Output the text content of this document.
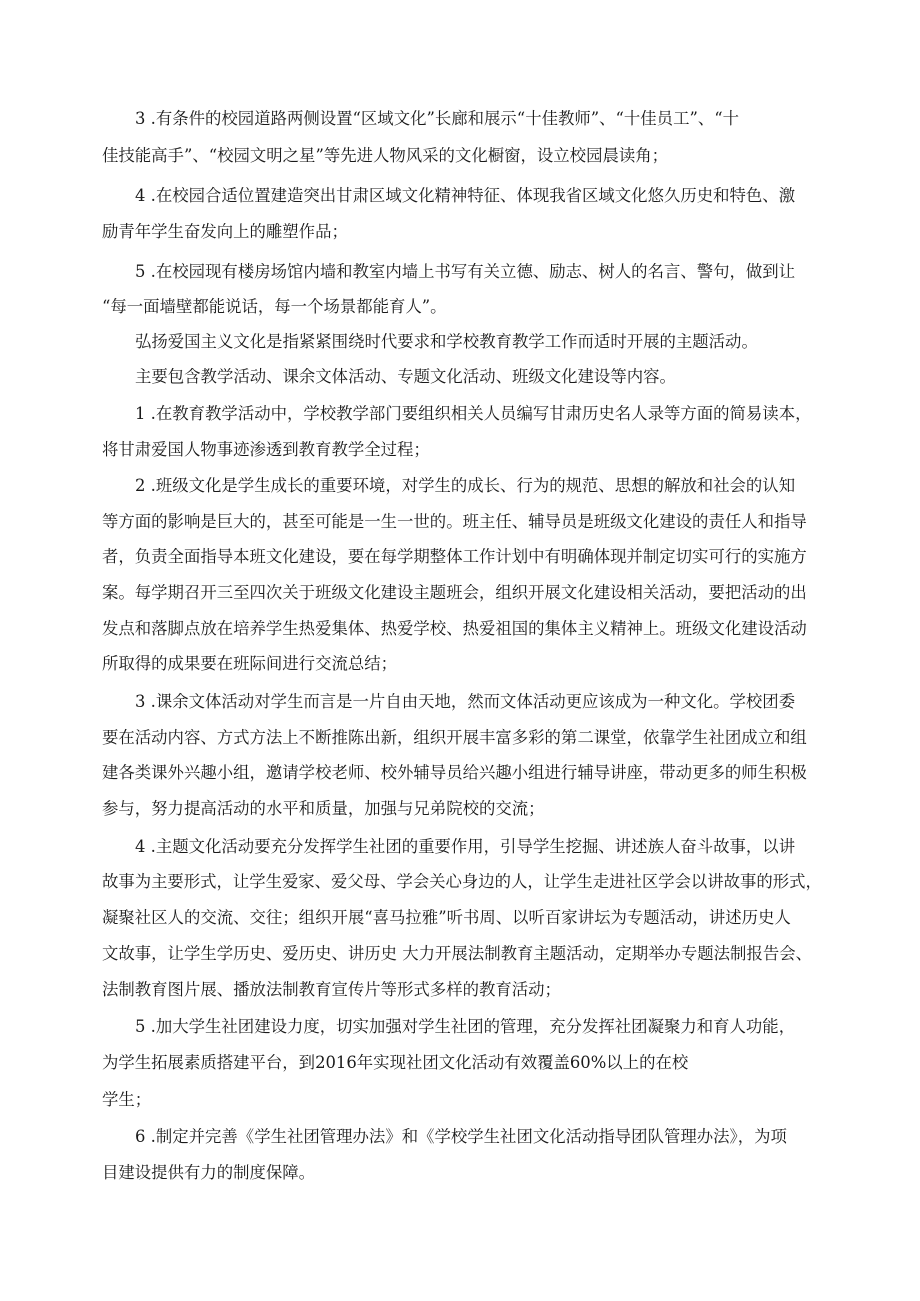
3 .有条件的校园道路两侧设置“区域文化”长廊和展示“十佳教师”、“十佳员工”、“十
佳技能高手”、“校园文明之星”等先进人物风采的文化橱窗，设立校园晨读角；
4 .在校园合适位置建造突出甘肃区域文化精神特征、体现我省区域文化悠久历史和特色、激
励青年学生奋发向上的雕塑作品；
5 .在校园现有楼房场馆内墙和教室内墙上书写有关立德、励志、树人的名言、警句，做到让
“每一面墙壁都能说话，每一个场景都能育人”。
弘扬爱国主义文化是指紧紧围绕时代要求和学校教育教学工作而适时开展的主题活动。
主要包含教学活动、课余文体活动、专题文化活动、班级文化建设等内容。
1 .在教育教学活动中，学校教学部门要组织相关人员编写甘肃历史名人录等方面的简易读本，
将甘肃爱国人物事迹渗透到教育教学全过程；
2 .班级文化是学生成长的重要环境，对学生的成长、行为的规范、思想的解放和社会的认知
等方面的影响是巨大的，甚至可能是一生一世的。班主任、辅导员是班级文化建设的责任人和指导
者，负责全面指导本班文化建设，要在每学期整体工作计划中有明确体现并制定切实可行的实施方
案。每学期召开三至四次关于班级文化建设主题班会，组织开展文化建设相关活动，要把活动的出
发点和落脚点放在培养学生热爱集体、热爱学校、热爱祖国的集体主义精神上。班级文化建设活动
所取得的成果要在班际间进行交流总结；
3 .课余文体活动对学生而言是一片自由天地，然而文体活动更应该成为一种文化。学校团委
要在活动内容、方式方法上不断推陈出新，组织开展丰富多彩的第二课堂，依靠学生社团成立和组
建各类课外兴趣小组，邀请学校老师、校外辅导员给兴趣小组进行辅导讲座，带动更多的师生积极
参与，努力提高活动的水平和质量，加强与兄弟院校的交流；
4 .主题文化活动要充分发挥学生社团的重要作用，引导学生挖掘、讲述族人奋斗故事，以讲
故事为主要形式，让学生爱家、爱父母、学会关心身边的人，让学生走进社区学会以讲故事的形式，
凝聚社区人的交流、交往；组织开展“喜马拉雅”听书周、以听百家讲坛为专题活动，讲述历史人
文故事，让学生学历史、爱历史、讲历史 大力开展法制教育主题活动，定期举办专题法制报告会、
法制教育图片展、播放法制教育宣传片等形式多样的教育活动；
5 .加大学生社团建设力度，切实加强对学生社团的管理，充分发挥社团凝聚力和育人功能，
为学生拓展素质搭建平台，到2016年实现社团文化活动有效覆盖60%以上的在校
学生；
6 .制定并完善《学生社团管理办法》和《学校学生社团文化活动指导团队管理办法》，为项
目建设提供有力的制度保障。
